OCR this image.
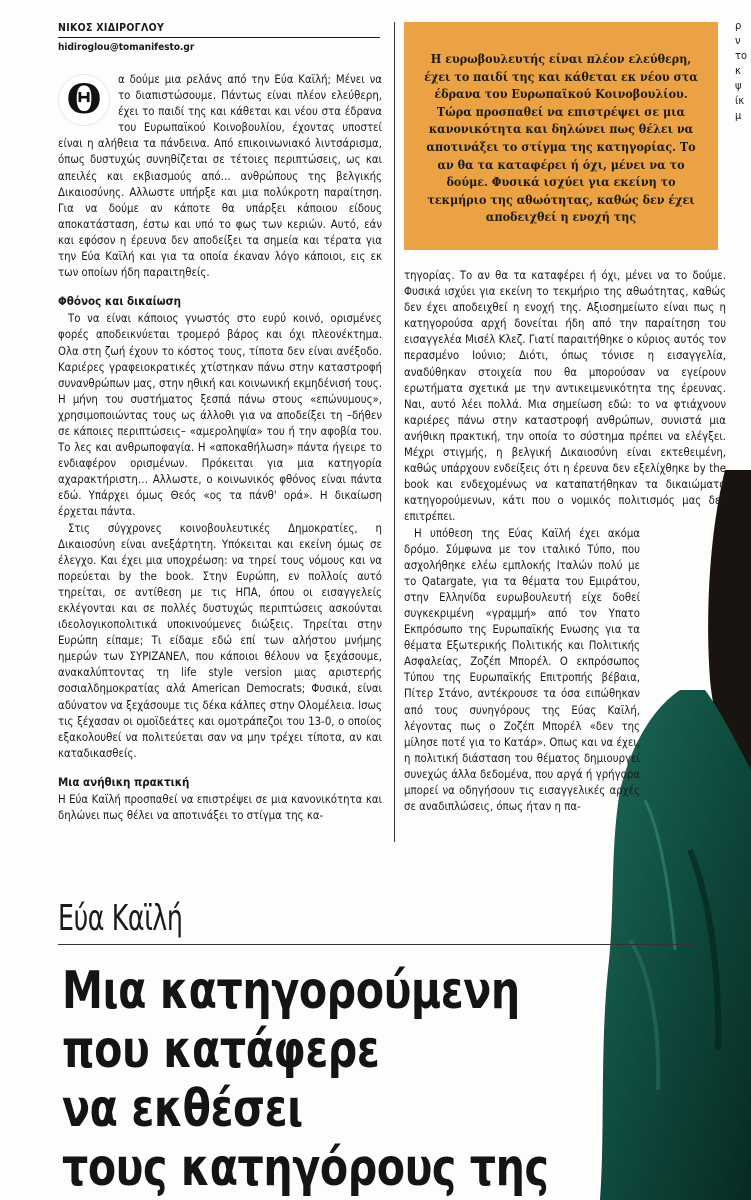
ΝΙΚΟΣ ΧΙΔΙΡΟΓΛΟΥ
hidiroglou@tomanifesto.gr
Θ	α δούμε μια ρελάνς από την Εύα Καϊλή; Μένει να το διαπιστώσουμε. Πάντως είναι πλέον ελεύθερη, έχει το παιδί της και κάθεται και νέου στα έδρανα του Ευρωπαϊκού Κοινοβουλίου, έχοντας υποστεί είναι η αλήθεια τα πάνδεινα. Από επικοινωνιακό λιντσάρισμα, όπως δυστυχώς συνηθίζεται σε τέτοιες περιπτώσεις, ως και απειλές και εκβιασμούς από… ανθρώπους της βελγικής Δικαιοσύνης. Αλλωστε υπήρξε και μια πολύκροτη παραίτηση. Για να δούμε αν κάποτε θα υπάρξει κάποιου είδους αποκατάσταση, έστω και υπό το φως των κεριών. Αυτό, εάν και εφόσον η έρευνα δεν αποδείξει τα σημεία και τέρατα για την Εύα Καϊλή και για τα οποία έκαναν λόγο κάποιοι, εις εκ των οποίων ήδη παραιτηθείς.

Φθόνος και δικαίωση

Το να είναι κάποιος γνωστός στο ευρύ κοινό, ορισμένες φορές αποδεικνύεται τρομερό βάρος και όχι πλεονέκτημα. Ολα στη ζωή έχουν το κόστος τους, τίποτα δεν είναι ανέξοδο. Καριέρες γραφειοκρατικές χτίστηκαν πάνω στην καταστροφή συνανθρώπων μας, στην ηθική και κοινωνική εκμηδένισή τους. Η μήνη του συστήματος ξεσπά πάνω στους «επώνυμους», χρησιμοποιώντας τους ως άλλοθι για να αποδείξει τη –δήθεν σε κάποιες περιπτώσεις– «αμεροληψία» του ή την αφοβία του. Το λες και ανθρωποφαγία. Η «αποκαθήλωση» πάντα ήγειρε το ενδιαφέρον ορισμένων. Πρόκειται για μια κατηγορία αχαρακτήριστη… Αλλωστε, ο κοινωνικός φθόνος είναι πάντα εδώ. Υπάρχει όμως Θεός «ος τα πάνθ' ορά». Η δικαίωση έρχεται πάντα.

Στις σύγχρονες κοινοβουλευτικές Δημοκρατίες, η Δικαιοσύνη είναι ανεξάρτητη. Υπόκειται και εκείνη όμως σε έλεγχο. Και έχει μια υποχρέωση: να τηρεί τους νόμους και να πορεύεται by the book. Στην Ευρώπη, εν πολλοίς αυτό τηρείται, σε αντίθεση με τις ΗΠΑ, όπου οι εισαγγελείς εκλέγονται και σε πολλές δυστυχώς περιπτώσεις ασκούνται ιδεολογικοπολιτικά υποκινούμενες διώξεις. Τηρείται στην Ευρώπη είπαμε; Τι είδαμε εδώ επί των αλήστου μνήμης ημερών των ΣΥΡΙΖΑΝΕΛ, που κάποιοι θέλουν να ξεχάσουμε, ανακαλύπτοντας τη life style version μιας αριστερής σοσιαλδημοκρατίας αλά American Democrats; Φυσικά, είναι αδύνατον να ξεχάσουμε τις δέκα κάλπες στην Ολομέλεια. Ισως τις ξέχασαν οι ομοϊδεάτες και ομοτράπεζοι του 13-0, ο οποίος εξακολουθεί να πολιτεύεται σαν να μην τρέχει τίποτα, αν και καταδικασθείς.

Μια ανήθικη πρακτική

Η Εύα Καϊλή προσπαθεί να επιστρέψει σε μια κανονικότητα και δηλώνει πως θέλει να αποτινάξει το στίγμα της κα-

Η ευρωβουλευτής είναι πλέον ελεύθερη, έχει το παιδί της και κάθεται εκ νέου στα έδρανα του Ευρωπαϊκού Κοινοβουλίου. Τώρα προσπαθεί να επιστρέψει σε μια κανονικότητα και δηλώνει πως θέλει να αποτινάξει το στίγμα της κατηγορίας. Το αν θα τα καταφέρει ή όχι, μένει να το δούμε. Φυσικά ισχύει για εκείνη το τεκμήριο της αθωότητας, καθώς δεν έχει αποδειχθεί η ενοχή της
ρ
ν
το
κ
ψ
ίκ
μ

τηγορίας. Το αν θα τα καταφέρει ή όχι, μένει να το δούμε. Φυσικά ισχύει για εκείνη το τεκμήριο της αθωότητας, καθώς δεν έχει αποδειχθεί η ενοχή της. Αξιοσημείωτο είναι πως η κατηγορούσα αρχή δονείται ήδη από την παραίτηση του εισαγγελέα Μισέλ Κλεζ. Γιατί παραιτήθηκε ο κύριος αυτός τον περασμένο Ιούνιο; Διότι, όπως τόνισε η εισαγγελία, αναδύθηκαν στοιχεία που θα μπορούσαν να εγείρουν ερωτήματα σχετικά με την αντικειμενικότητα της έρευνας. Ναι, αυτό λέει πολλά. Μια σημείωση εδώ: το να φτιάχνουν καριέρες πάνω στην καταστροφή ανθρώπων, συνιστά μια ανήθικη πρακτική, την οποία το σύστημα πρέπει να ελέγξει. Μέχρι στιγμής, η βελγική Δικαιοσύνη είναι εκτεθειμένη, καθώς υπάρχουν ενδείξεις ότι η έρευνα δεν εξελίχθηκε by the book και ενδεχομένως να καταπατήθηκαν τα δικαιώματα κατηγορούμενων, κάτι που ο νομικός πολιτισμός μας δεν επιτρέπει.

Η υπόθεση της Εύας Καϊλή έχει ακόμα δρόμο. Σύμφωνα με τον ιταλικό Τύπο, που ασχολήθηκε ελέω εμπλοκής Ιταλών πολύ με το Qatargate, για τα θέματα του Εμιράτου, στην Ελληνίδα ευρωβουλευτή είχε δοθεί συγκεκριμένη «γραμμή» από τον Υπατο Εκπρόσωπο της Ευρωπαϊκής Ενωσης για τα θέματα Εξωτερικής Πολιτικής και Πολιτικής Ασφαλείας, Ζοζέπ Μπορέλ. Ο εκπρόσωπος Τύπου της Ευρωπαϊκής Επιτροπής βέβαια, Πίτερ Στάνο, αντέκρουσε τα όσα ειπώθηκαν από τους συνηγόρους της Εύας Καϊλή, λέγοντας πως ο Ζοζέπ Μπορέλ «δεν της μίλησε ποτέ για το Κατάρ». Οπως και να έχει, η πολιτική διάσταση του θέματος δημιουργεί συνεχώς άλλα δεδομένα, που αργά ή γρήγορα μπορεί να οδηγήσουν τις εισαγγελικές αρχές σε αναδιπλώσεις, όπως ήταν η πα-

Εύα Καϊλή
Μια κατηγορούμενη
που κατάφερε
να εκθέσει
τους κατηγόρους της
